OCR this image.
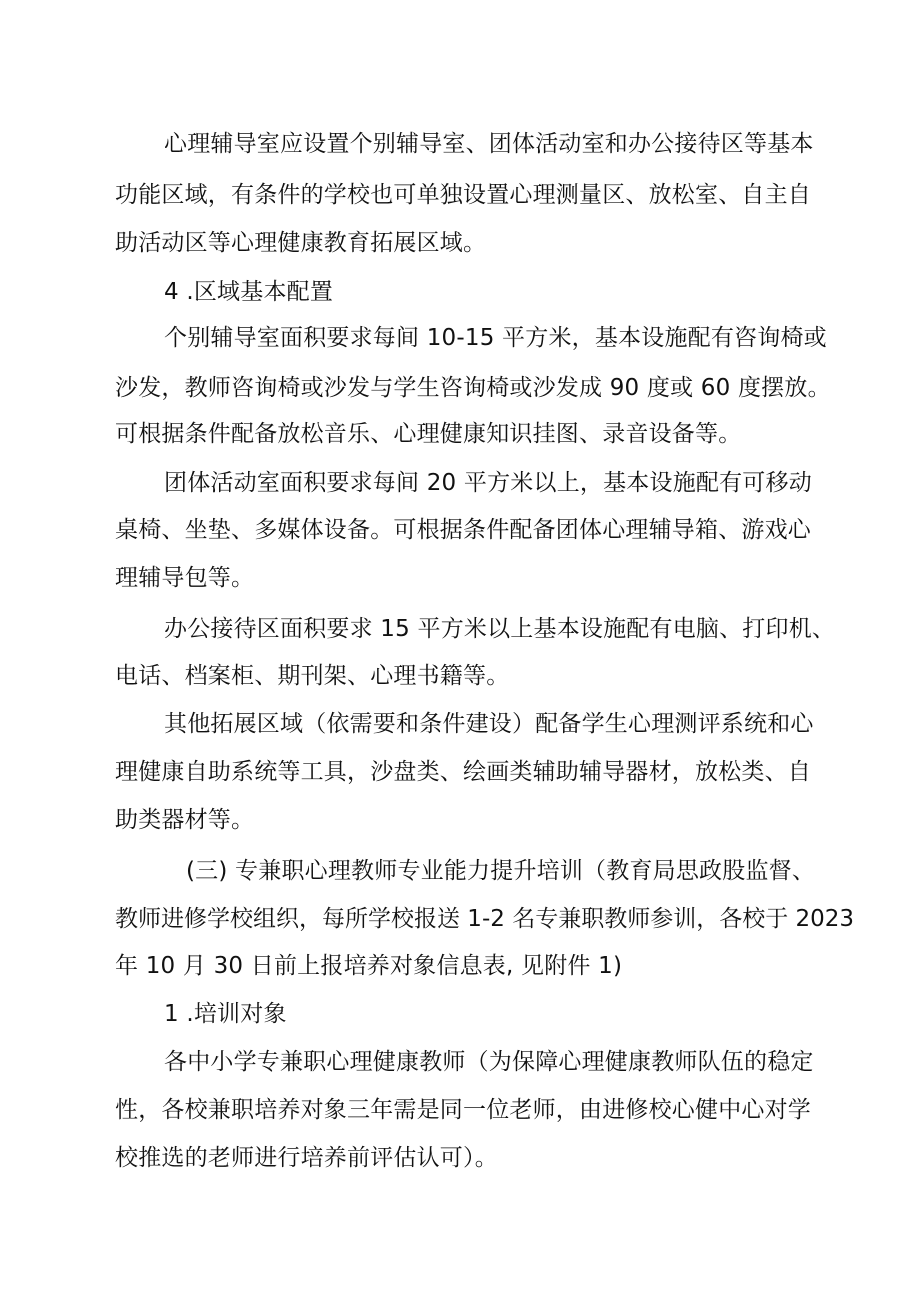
心理辅导室应设置个别辅导室、团体活动室和办公接待区等基本
功能区域，有条件的学校也可单独设置心理测量区、放松室、自主自
助活动区等心理健康教育拓展区域。
4 .区域基本配置
个别辅导室面积要求每间 10-15 平方米，基本设施配有咨询椅或
沙发，教师咨询椅或沙发与学生咨询椅或沙发成 90 度或 60 度摆放。
可根据条件配备放松音乐、心理健康知识挂图、录音设备等。
团体活动室面积要求每间 20 平方米以上，基本设施配有可移动
桌椅、坐垫、多媒体设备。可根据条件配备团体心理辅导箱、游戏心
理辅导包等。
办公接待区面积要求 15 平方米以上基本设施配有电脑、打印机、
电话、档案柜、期刊架、心理书籍等。
其他拓展区域（依需要和条件建设）配备学生心理测评系统和心
理健康自助系统等工具，沙盘类、绘画类辅助辅导器材，放松类、自
助类器材等。
(三) 专兼职心理教师专业能力提升培训（教育局思政股监督、
教师进修学校组织，每所学校报送 1-2 名专兼职教师参训，各校于 2023
年 10 月 30 日前上报培养对象信息表, 见附件 1)
1 .培训对象
各中小学专兼职心理健康教师（为保障心理健康教师队伍的稳定
性，各校兼职培养对象三年需是同一位老师，由进修校心健中心对学
校推选的老师进行培养前评估认可）。
